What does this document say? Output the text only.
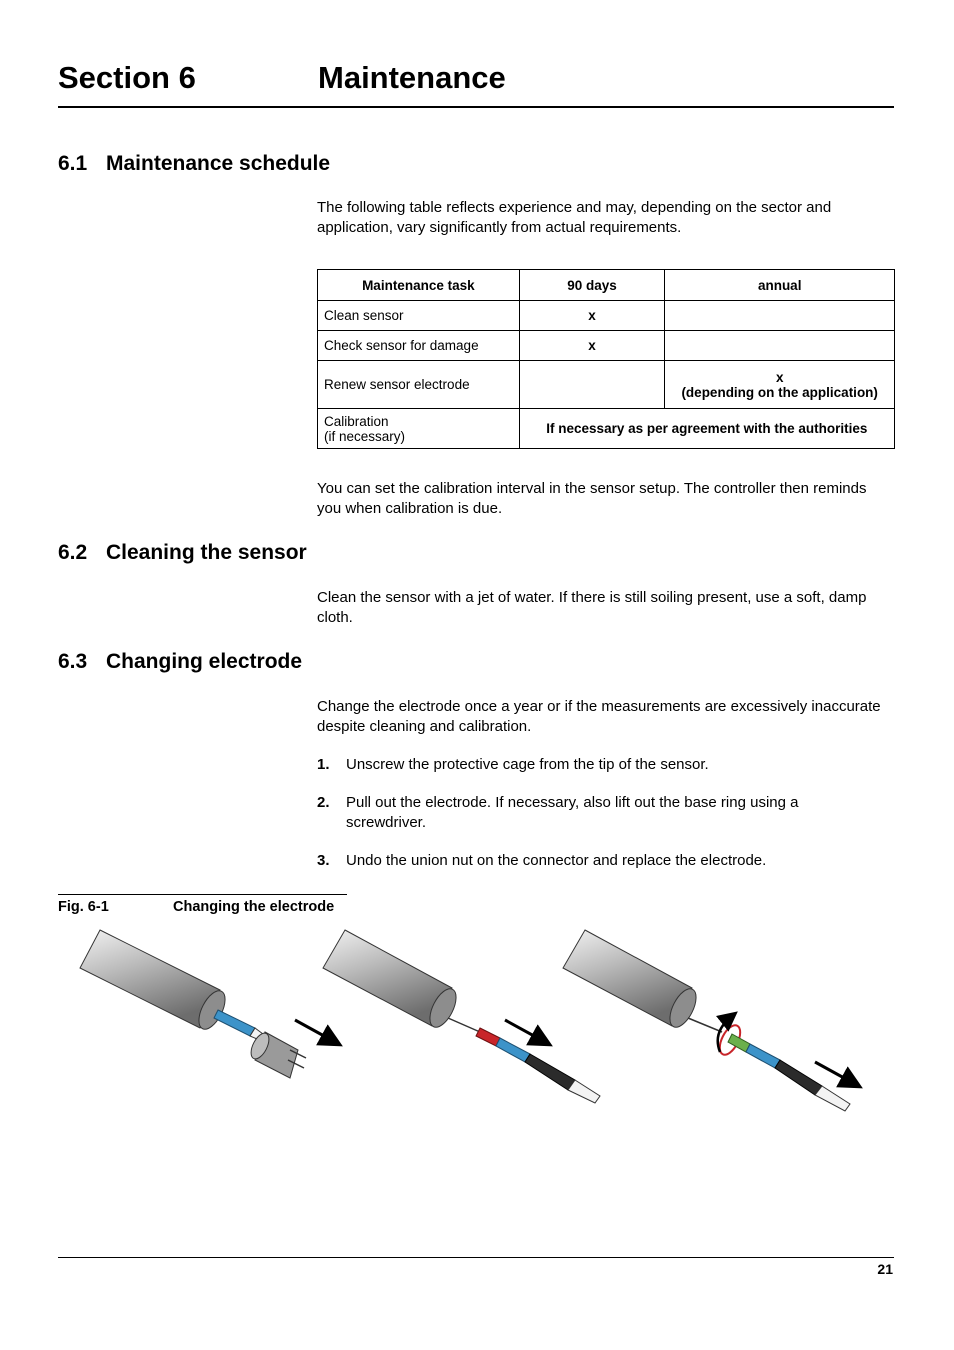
Section 6	Maintenance
6.1 Maintenance schedule
The following table reflects experience and may, depending on the sector and application, vary significantly from actual requirements.
Maintenance task	90 days	annual
Clean sensor	x	
Check sensor for damage	x	
Renew sensor electrode		x
(depending on the application)

Calibration
(if necessary)	If necessary as per agreement with the authorities	
You can set the calibration interval in the sensor setup. The controller then reminds you when calibration is due.
6.2 Cleaning the sensor
Clean the sensor with a jet of water. If there is still soiling present, use a soft, damp cloth.
6.3 Changing electrode
Change the electrode once a year or if the measurements are excessively inaccurate despite cleaning and calibration.
1. Unscrew the protective cage from the tip of the sensor.
2. Pull out the electrode. If necessary, also lift out the base ring using a screwdriver.
3. Undo the union nut on the connector and replace the electrode.
Fig. 6-1	Changing the electrode
21
